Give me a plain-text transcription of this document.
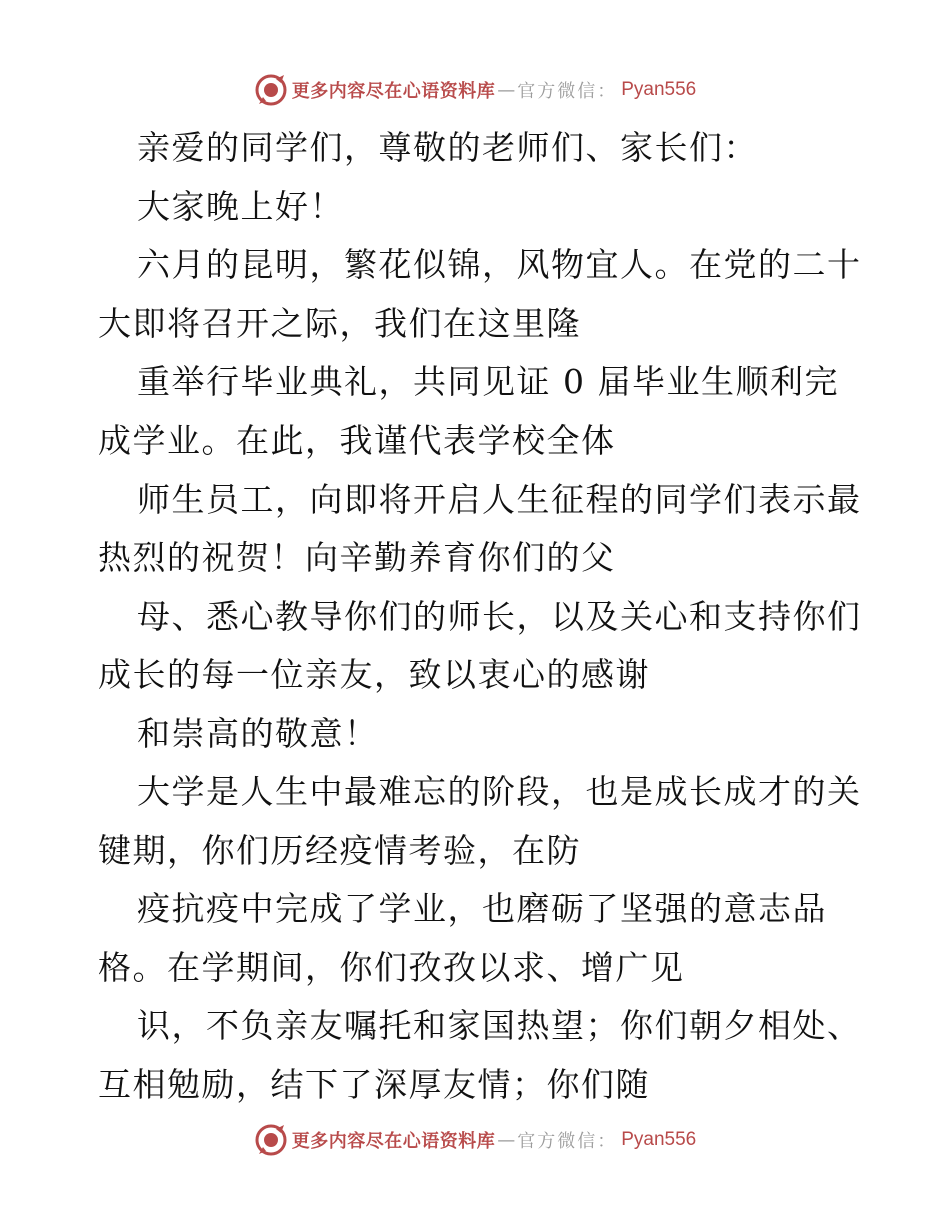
更多内容尽在心语资料库 — 官方微信： Pyan556
亲爱的同学们，尊敬的老师们、家长们：
大家晚上好！
六月的昆明，繁花似锦，风物宜人。在党的二十
大即将召开之际，我们在这里隆
重举行毕业典礼，共同见证 0 届毕业生顺利完
成学业。在此，我谨代表学校全体
师生员工，向即将开启人生征程的同学们表示最
热烈的祝贺！向辛勤养育你们的父
母、悉心教导你们的师长，以及关心和支持你们
成长的每一位亲友，致以衷心的感谢
和崇高的敬意！
大学是人生中最难忘的阶段，也是成长成才的关
键期，你们历经疫情考验，在防
疫抗疫中完成了学业，也磨砺了坚强的意志品
格。在学期间，你们孜孜以求、增广见
识，不负亲友嘱托和家国热望；你们朝夕相处、
互相勉励，结下了深厚友情；你们随
更多内容尽在心语资料库 — 官方微信： Pyan556
